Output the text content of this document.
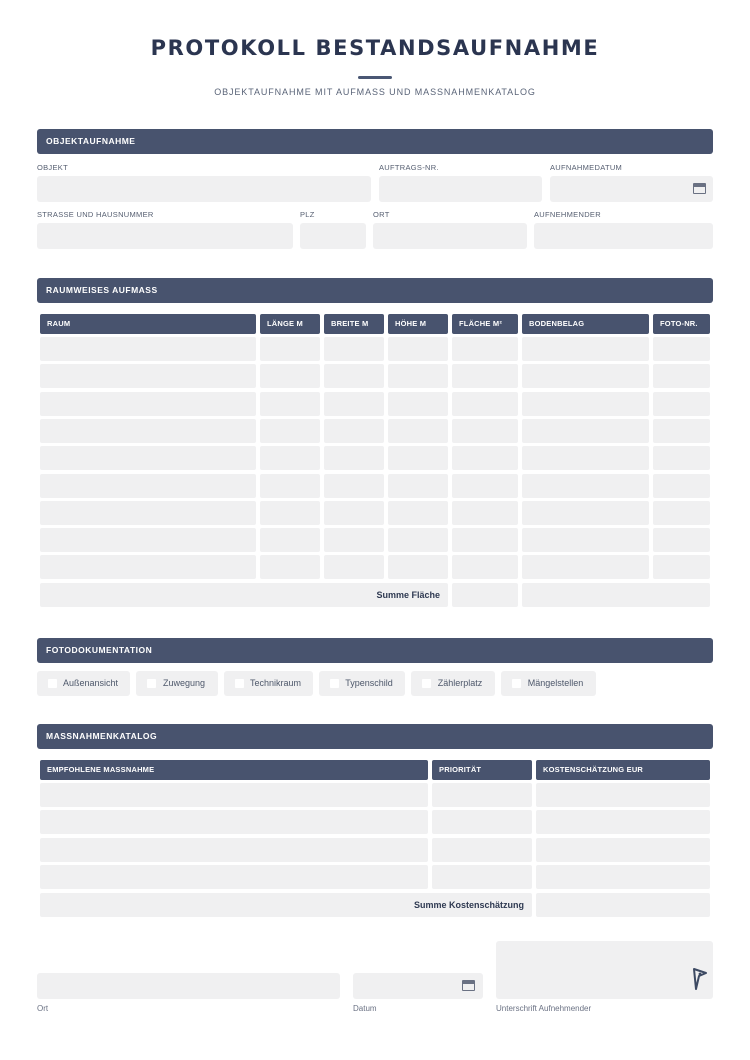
PROTOKOLL BESTANDSAUFNAHME
OBJEKTAUFNAHME MIT AUFMASS UND MASSNAHMENKATALOG
OBJEKTAUFNAHME
OBJEKT	AUFTRAGS-NR.	AUFNAHMEDATUM
STRASSE UND HAUSNUMMER	PLZ	ORT	AUFNEHMENDER
RAUMWEISES AUFMASS
RAUM	LÄNGE M	BREITE M	HÖHE M	FLÄCHE M²	BODENBELAG	FOTO-NR.
Summe Fläche
FOTODOKUMENTATION
Außenansicht	Zuwegung	Technikraum	Typenschild	Zählerplatz	Mängelstellen
MASSNAHMENKATALOG
EMPFOHLENE MASSNAHME	PRIORITÄT	KOSTENSCHÄTZUNG EUR
Summe Kostenschätzung
Ort	Datum	Unterschrift Aufnehmender
